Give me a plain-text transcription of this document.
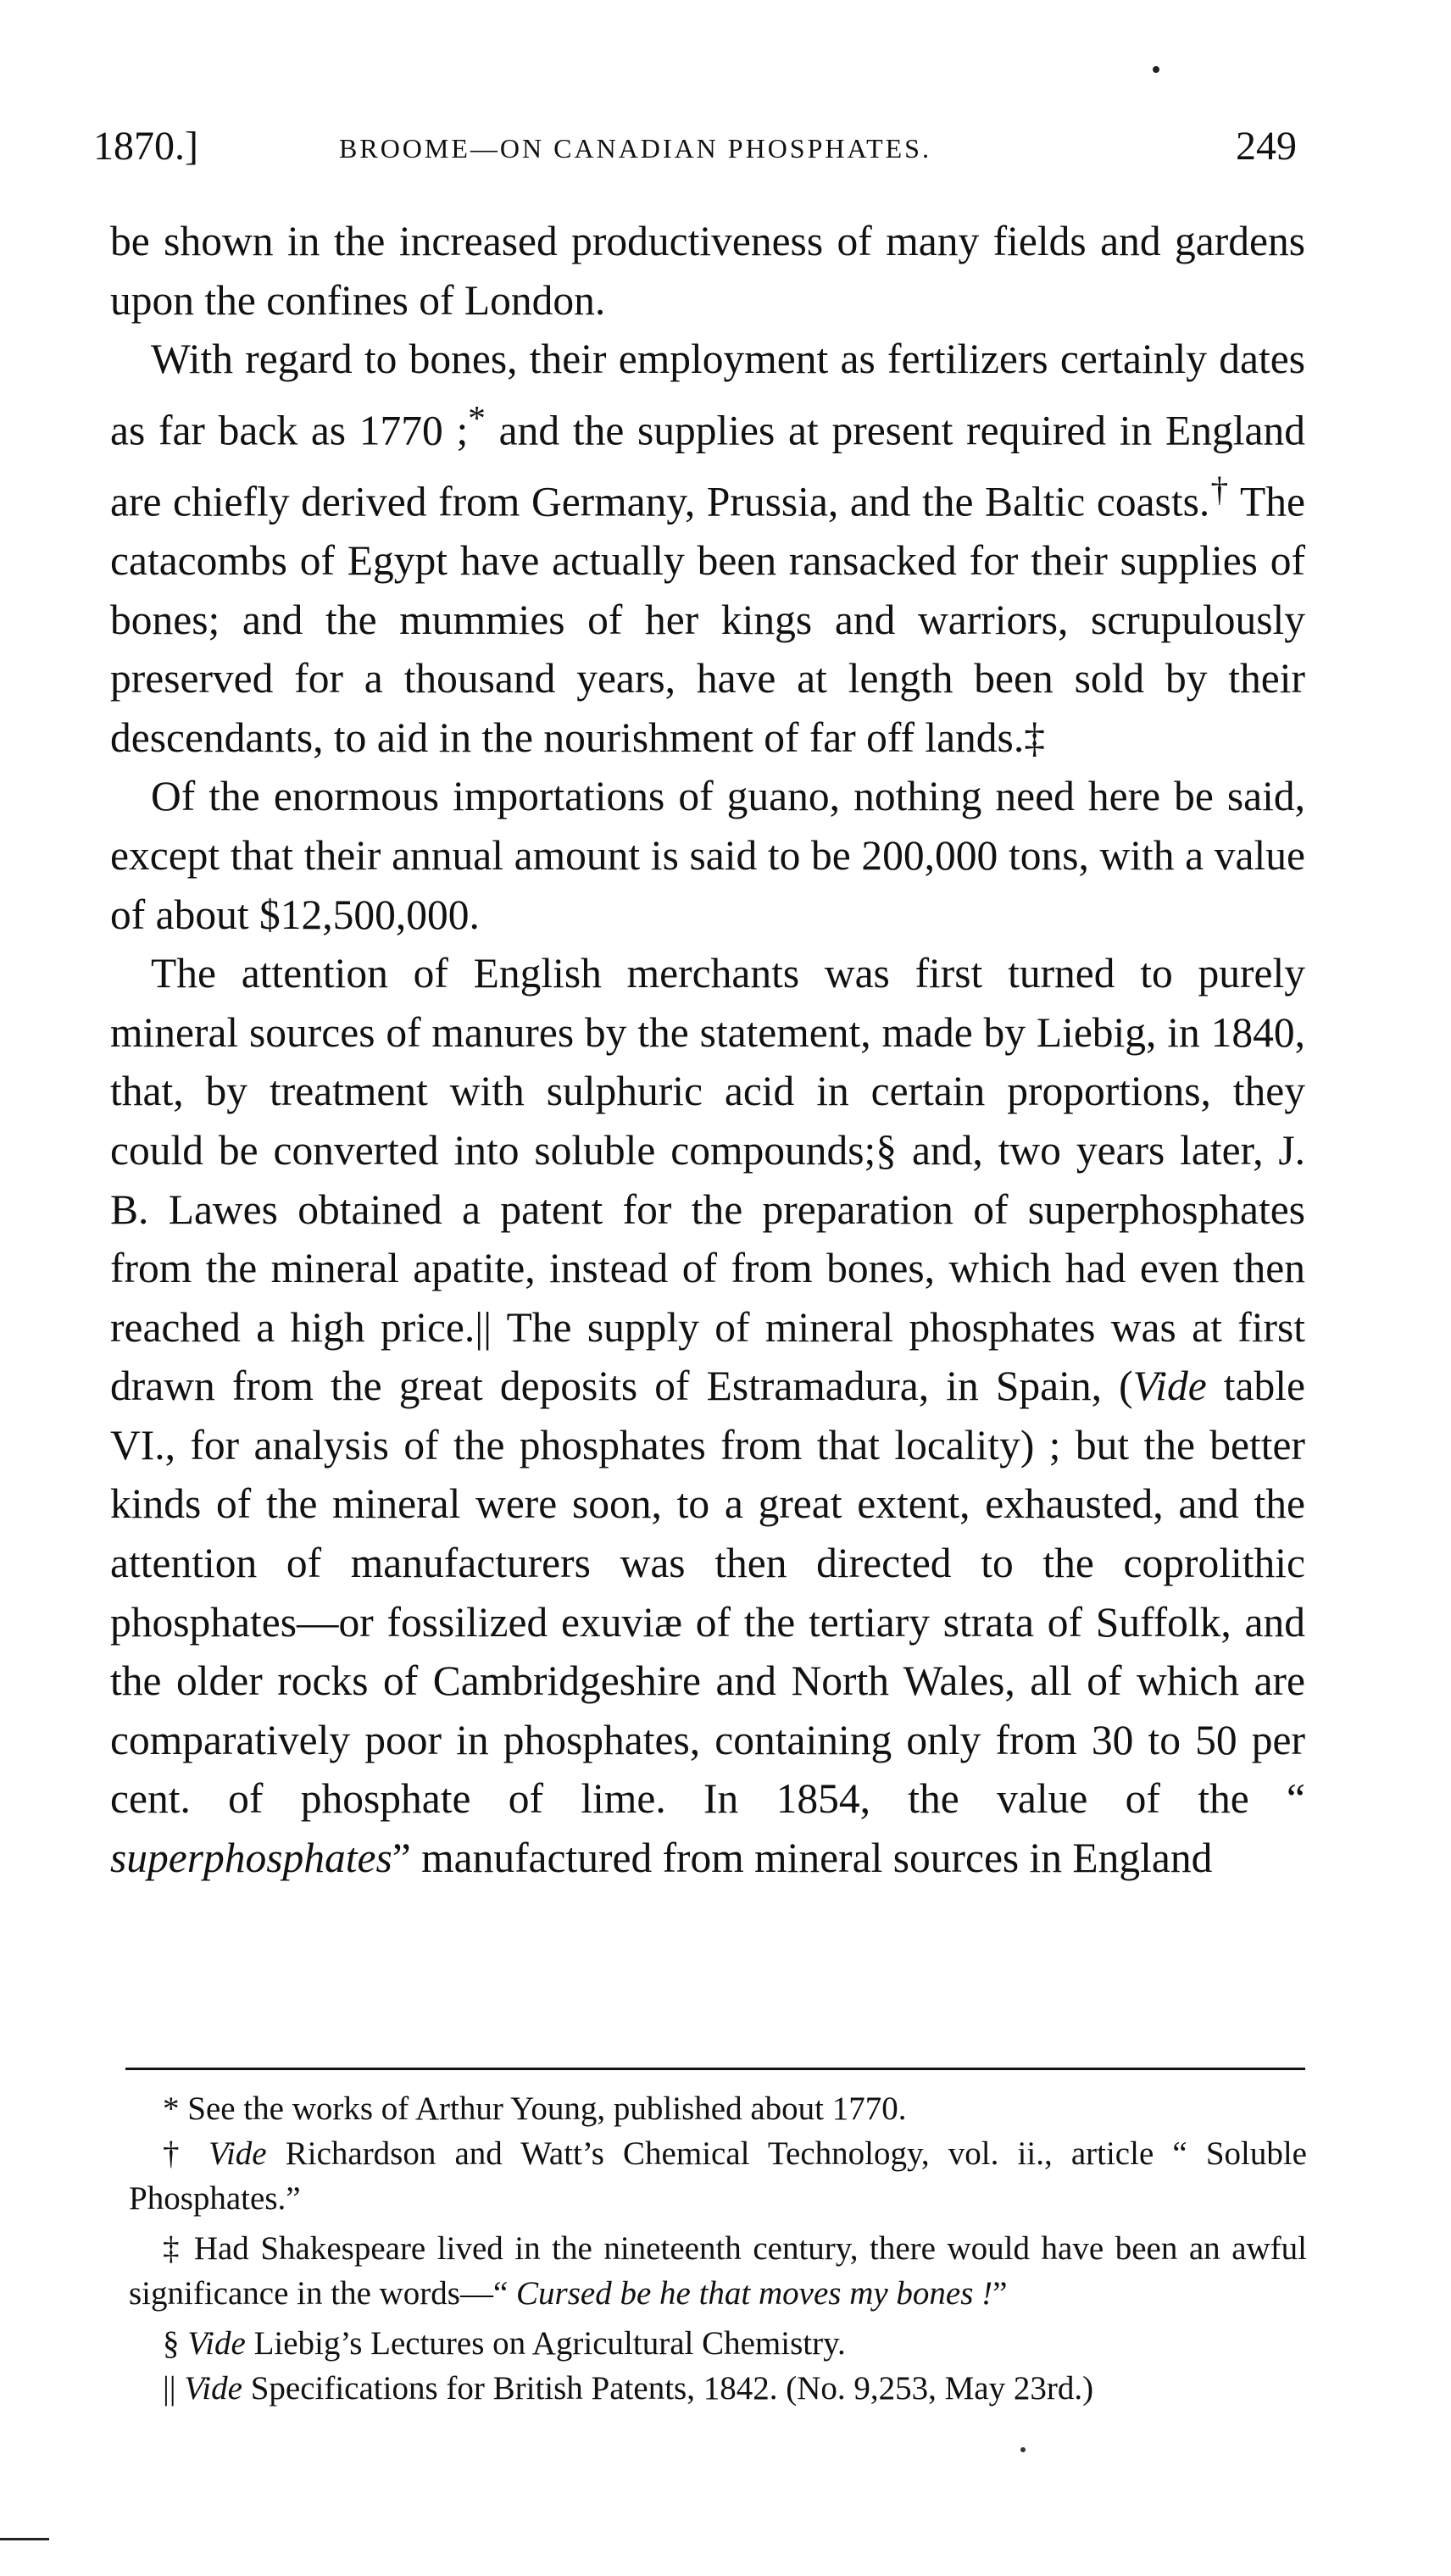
1870.]	BROOME—ON CANADIAN PHOSPHATES.	249

be shown in the increased productiveness of many fields and gardens upon the confines of London.

With regard to bones, their employment as fertilizers certainly dates as far back as 1770 ;* and the supplies at present required in England are chiefly derived from Germany, Prussia, and the Baltic coasts.† The catacombs of Egypt have actually been ransacked for their supplies of bones; and the mummies of her kings and warriors, scrupulously preserved for a thousand years, have at length been sold by their descendants, to aid in the nourishment of far off lands.‡

Of the enormous importations of guano, nothing need here be said, except that their annual amount is said to be 200,000 tons, with a value of about $12,500,000.

The attention of English merchants was first turned to purely mineral sources of manures by the statement, made by Liebig, in 1840, that, by treatment with sulphuric acid in certain proportions, they could be converted into soluble compounds;§ and, two years later, J. B. Lawes obtained a patent for the preparation of superphosphates from the mineral apatite, instead of from bones, which had even then reached a high price.|| The supply of mineral phosphates was at first drawn from the great deposits of Estramadura, in Spain, (Vide table VI., for analysis of the phosphates from that locality) ; but the better kinds of the mineral were soon, to a great extent, exhausted, and the attention of manufacturers was then directed to the coprolithic phosphates—or fossilized exuviæ of the tertiary strata of Suffolk, and the older rocks of Cambridgeshire and North Wales, all of which are comparatively poor in phosphates, containing only from 30 to 50 per cent. of phosphate of lime. In 1854, the value of the “ superphosphates” manufactured from mineral sources in England

* See the works of Arthur Young, published about 1770.

† Vide Richardson and Watt’s Chemical Technology, vol. ii., article “ Soluble Phosphates.”

‡ Had Shakespeare lived in the nineteenth century, there would have been an awful significance in the words—“ Cursed be he that moves my bones !”

§ Vide Liebig’s Lectures on Agricultural Chemistry.

|| Vide Specifications for British Patents, 1842. (No. 9,253, May 23rd.)
